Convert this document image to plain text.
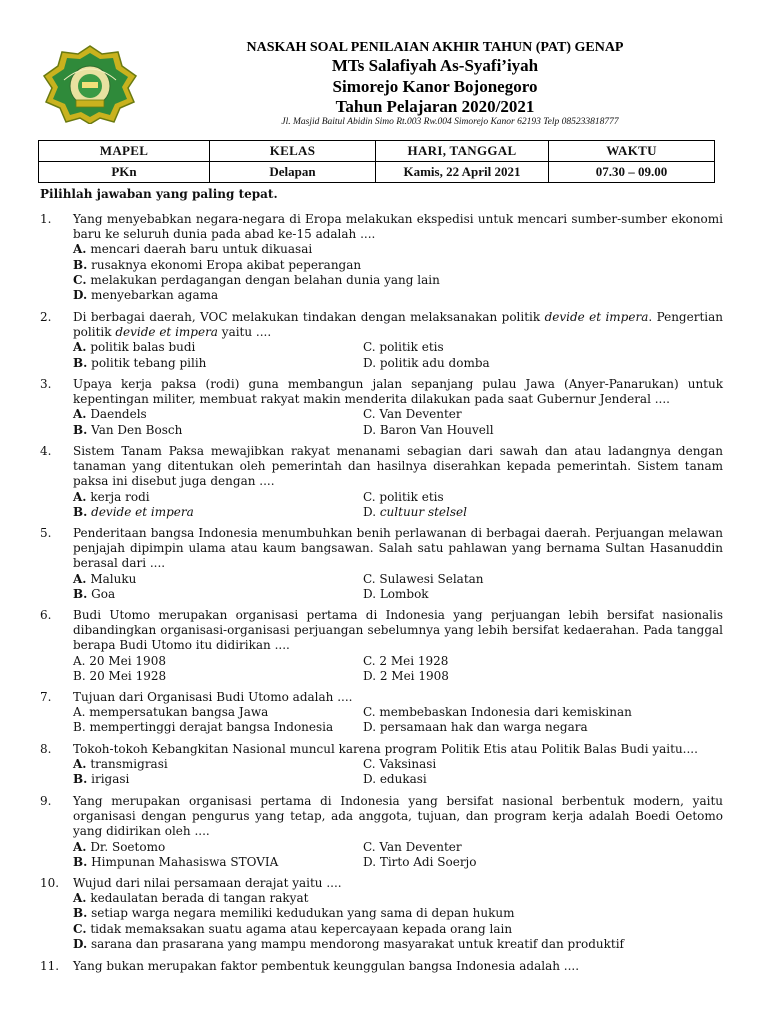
NASKAH SOAL PENILAIAN AKHIR TAHUN (PAT) GENAP
MTs Salafiyah As-Syafi’iyah
Simorejo Kanor Bojonegoro
Tahun Pelajaran 2020/2021
Jl. Masjid Baitul Abidin Simo Rt.003 Rw.004 Simorejo Kanor 62193 Telp 085233818777
MAPEL	KELAS	HARI, TANGGAL	WAKTU
PKn	Delapan	Kamis, 22 April 2021	07.30 – 09.00
Pilihlah jawaban yang paling tepat.
1. Yang menyebabkan negara-negara di Eropa melakukan ekspedisi untuk mencari sumber-sumber ekonomi baru ke seluruh dunia pada abad ke-15 adalah ....
A. mencari daerah baru untuk dikuasai
B. rusaknya ekonomi Eropa akibat peperangan
C. melakukan perdagangan dengan belahan dunia yang lain
D. menyebarkan agama
2. Di berbagai daerah, VOC melakukan tindakan dengan melaksanakan politik devide et impera. Pengertian politik devide et impera yaitu ....
A. politik balas budi	C. politik etis
B. politik tebang pilih	D. politik adu domba
3. Upaya kerja paksa (rodi) guna membangun jalan sepanjang pulau Jawa (Anyer-Panarukan) untuk kepentingan militer, membuat rakyat makin menderita dilakukan pada saat Gubernur Jenderal ....
A. Daendels	C. Van Deventer
B. Van Den Bosch	D. Baron Van Houvell
4. Sistem Tanam Paksa mewajibkan rakyat menanami sebagian dari sawah dan atau ladangnya dengan tanaman yang ditentukan oleh pemerintah dan hasilnya diserahkan kepada pemerintah. Sistem tanam paksa ini disebut juga dengan ....
A. kerja rodi	C. politik etis
B. devide et impera	D. cultuur stelsel
5. Penderitaan bangsa Indonesia menumbuhkan benih perlawanan di berbagai daerah. Perjuangan melawan penjajah dipimpin ulama atau kaum bangsawan. Salah satu pahlawan yang bernama Sultan Hasanuddin berasal dari ....
A. Maluku	C. Sulawesi Selatan
B. Goa	D. Lombok
6. Budi Utomo merupakan organisasi pertama di Indonesia yang perjuangan lebih bersifat nasionalis dibandingkan organisasi-organisasi perjuangan sebelumnya yang lebih bersifat kedaerahan. Pada tanggal berapa Budi Utomo itu didirikan ....
A. 20 Mei 1908	C. 2 Mei 1928
B. 20 Mei 1928	D. 2 Mei 1908
7. Tujuan dari Organisasi Budi Utomo adalah ....
A. mempersatukan bangsa Jawa	C. membebaskan Indonesia dari kemiskinan
B. mempertinggi derajat bangsa Indonesia	D. persamaan hak dan warga negara
8. Tokoh-tokoh Kebangkitan Nasional muncul karena program Politik Etis atau Politik Balas Budi yaitu....
A. transmigrasi	C. Vaksinasi
B. irigasi	D. edukasi
9. Yang merupakan organisasi pertama di Indonesia yang bersifat nasional berbentuk modern, yaitu organisasi dengan pengurus yang tetap, ada anggota, tujuan, dan program kerja adalah Boedi Oetomo yang didirikan oleh ....
A. Dr. Soetomo	C. Van Deventer
B. Himpunan Mahasiswa STOVIA	D. Tirto Adi Soerjo
10. Wujud dari nilai persamaan derajat yaitu ....
A. kedaulatan berada di tangan rakyat
B. setiap warga negara memiliki kedudukan yang sama di depan hukum
C. tidak memaksakan suatu agama atau kepercayaan kepada orang lain
D. sarana dan prasarana yang mampu mendorong masyarakat untuk kreatif dan produktif
11. Yang bukan merupakan faktor pembentuk keunggulan bangsa Indonesia adalah ....
